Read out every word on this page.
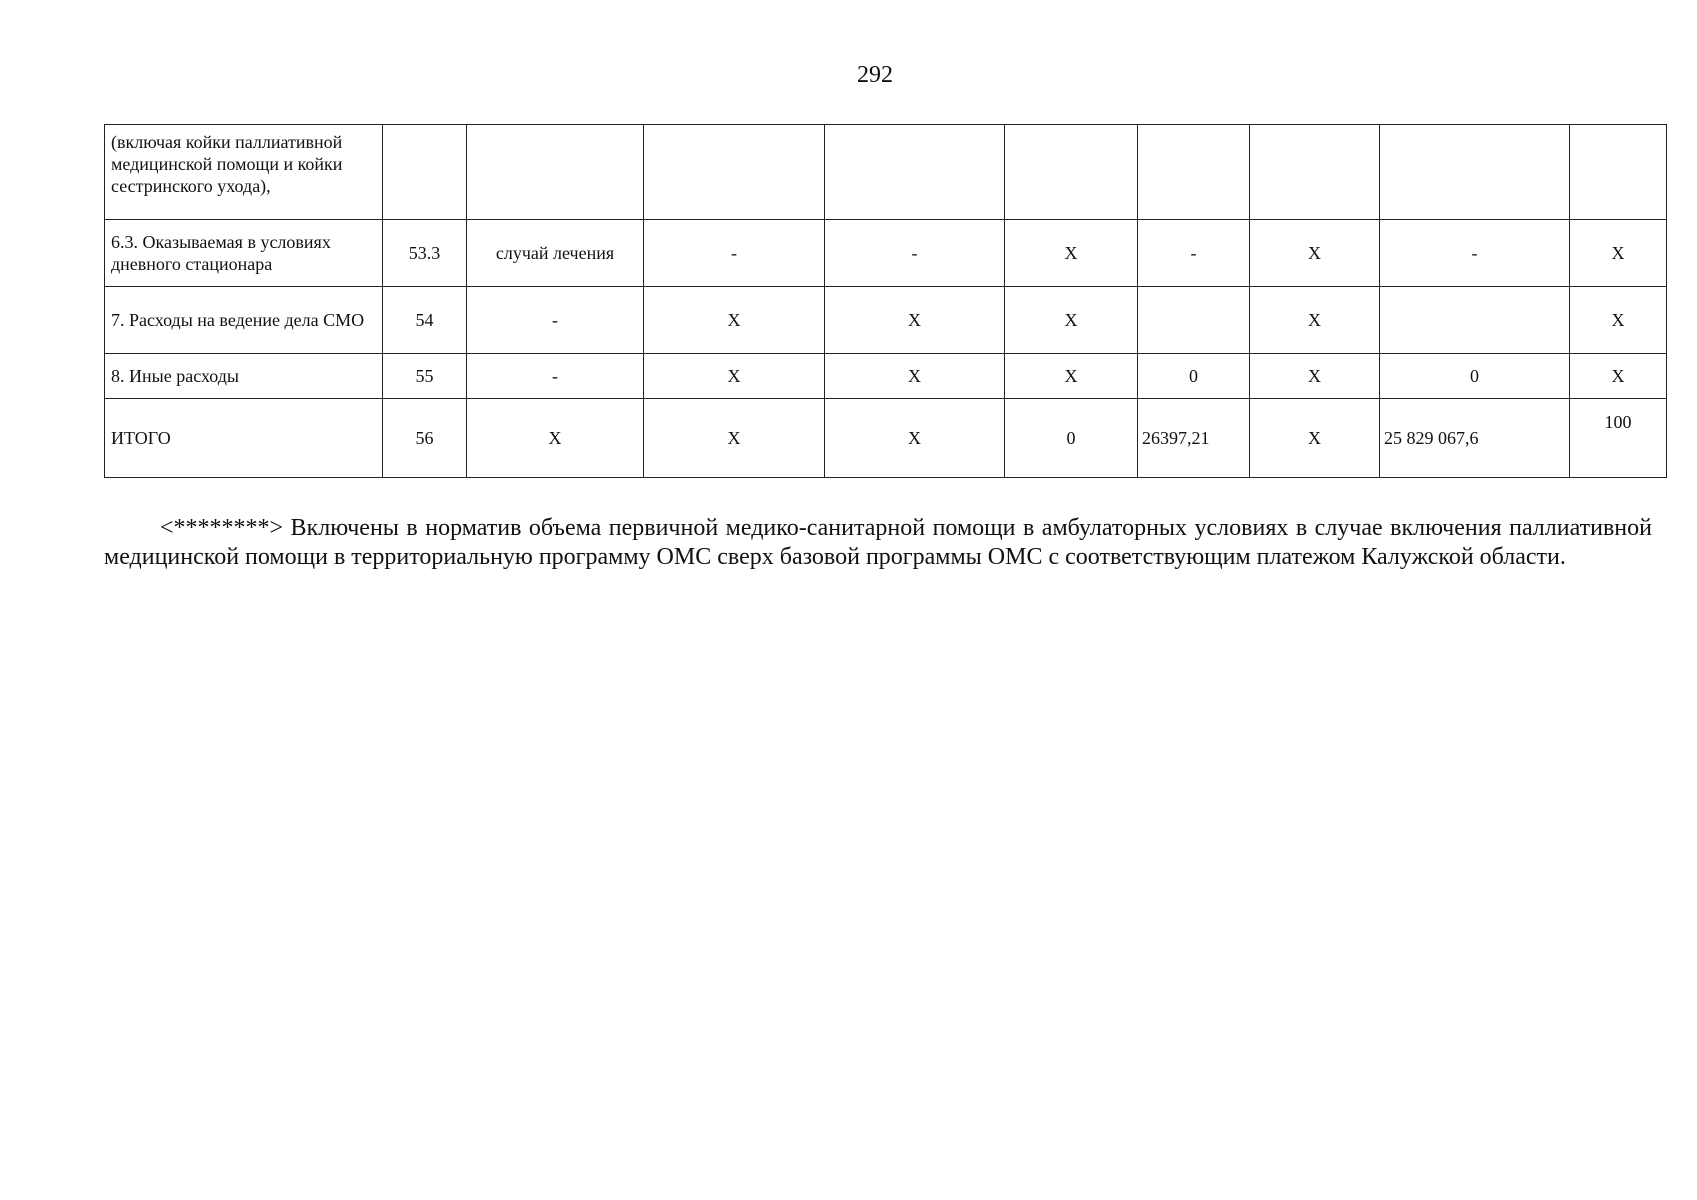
292
(включая койки паллиативной медицинской помощи и койки сестринского ухода),									
6.3. Оказываемая в условиях дневного стационара	53.3	случай лечения	-	-	Х	-	Х	-	Х
7. Расходы на ведение дела СМО	54	-	Х	Х	Х		Х		Х
8. Иные расходы	55	-	Х	Х	Х	0	Х	0	Х
ИТОГО	56	Х	Х	Х	0	26397,21	Х	25 829 067,6	100

<********> Включены в норматив объема первичной медико-санитарной помощи в амбулаторных условиях в случае включения паллиативной медицинской помощи в территориальную программу ОМС сверх базовой программы ОМС с соответствующим платежом Калужской области.
